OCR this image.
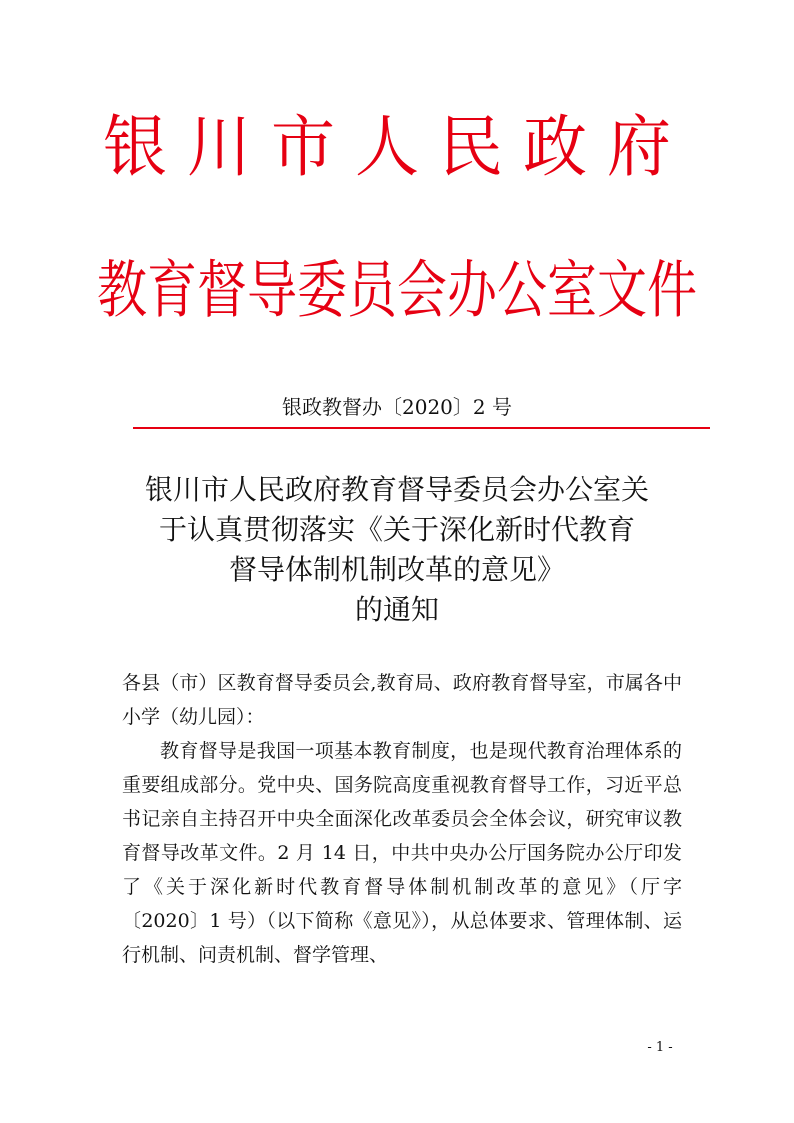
银川市人民政府
教育督导委员会办公室文件
银政教督办〔2020〕2 号
银川市人民政府教育督导委员会办公室关
于认真贯彻落实《关于深化新时代教育
督导体制机制改革的意见》
的通知

各县（市）区教育督导委员会,教育局、政府教育督导室，市属各中小学（幼儿园）：

教育督导是我国一项基本教育制度，也是现代教育治理体系的重要组成部分。党中央、国务院高度重视教育督导工作，习近平总书记亲自主持召开中央全面深化改革委员会全体会议，研究审议教育督导改革文件。2 月 14 日，中共中央办公厅国务院办公厅印发了《关于深化新时代教育督导体制机制改革的意见》（厅字〔2020〕1 号）（以下简称《意见》），从总体要求、管理体制、运行机制、问责机制、督学管理、

- 1 -
